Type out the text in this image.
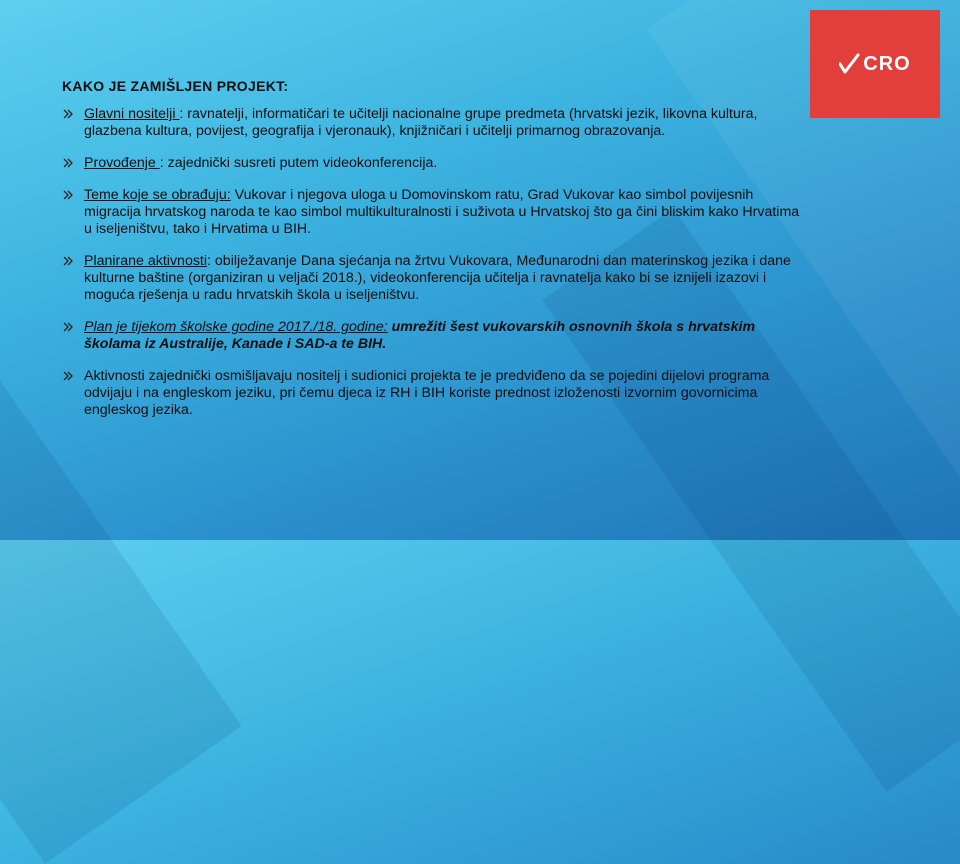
CRO
KAKO JE ZAMIŠLJEN PROJEKT:

Glavni nositelji : ravnatelji, informatičari te učitelji nacionalne grupe predmeta (hrvatski jezik, likovna kultura, glazbena kultura, povijest, geografija i vjeronauk), knjižničari i učitelji primarnog obrazovanja.

Provođenje : zajednički susreti putem videokonferencija.

Teme koje se obrađuju: Vukovar i njegova uloga u Domovinskom ratu, Grad Vukovar kao simbol povijesnih migracija hrvatskog naroda te kao simbol multikulturalnosti i suživota u Hrvatskoj što ga čini bliskim kako Hrvatima u iseljeništvu, tako i Hrvatima u BIH.

Planirane aktivnosti: obilježavanje Dana sjećanja na žrtvu Vukovara, Međunarodni dan materinskog jezika i dane kulturne baštine (organiziran u veljači 2018.), videokonferencija učitelja i ravnatelja kako bi se iznijeli izazovi i moguća rješenja u radu hrvatskih škola u iseljeništvu.

Plan je tijekom školske godine 2017./18. godine: umrežiti šest vukovarskih osnovnih škola s hrvatskim školama iz Australije, Kanade i SAD-a te BIH.

Aktivnosti zajednički osmišljavaju nositelj i sudionici projekta te je predviđeno da se pojedini dijelovi programa odvijaju i na engleskom jeziku, pri čemu djeca iz RH i BIH koriste prednost izloženosti izvornim govornicima engleskog jezika.
